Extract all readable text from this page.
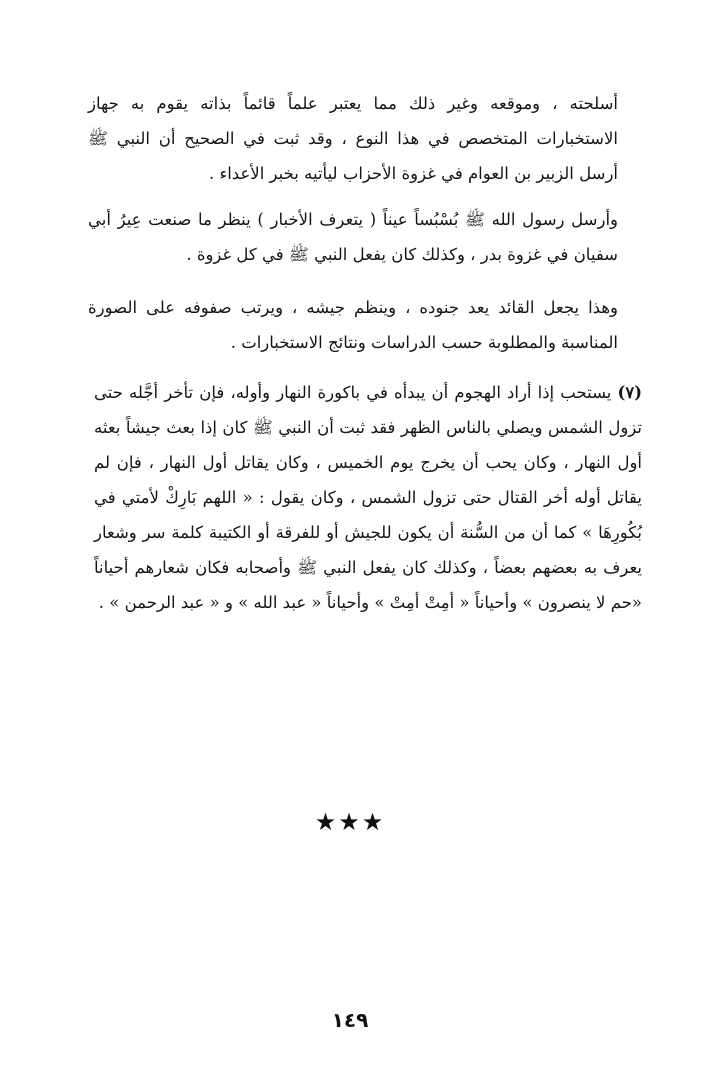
أسلحته ، وموقعه وغير ذلك مما يعتبر علماً قائماً بذاته يقوم به جهاز الاستخبارات المتخصص في هذا النوع ، وقد ثبت في الصحيح أن النبي ﷺ أرسل الزبير بن العوام في غزوة الأحزاب ليأتيه بخبر الأعداء .

وأرسل رسول الله ﷺ بُسْبُساً عيناً ( يتعرف الأخبار ) ينظر ما صنعت عِيرُ أبي سفيان في غزوة بدر ، وكذلك كان يفعل النبي ﷺ في كل غزوة .

وهذا يجعل القائد يعد جنوده ، وينظم جيشه ، ويرتب صفوفه على الصورة المناسبة والمطلوبة حسب الدراسات ونتائج الاستخبارات .

(٧) يستحب إذا أراد الهجوم أن يبدأه في باكورة النهار وأوله، فإن تأخر أجَّله حتى تزول الشمس ويصلي بالناس الظهر فقد ثبت أن النبي ﷺ كان إذا بعث جيشاً بعثه أول النهار ، وكان يحب أن يخرج يوم الخميس ، وكان يقاتل أول النهار ، فإن لم يقاتل أوله أخر القتال حتى تزول الشمس ، وكان يقول : « اللهم بَارِكْ لأمتي في بُكُورِهَا » كما أن من السُّنة أن يكون للجيش أو للفرقة أو الكتيبة كلمة سر وشعار يعرف به بعضهم بعضاً ، وكذلك كان يفعل النبي ﷺ وأصحابه فكان شعارهم أحياناً «حم لا ينصرون » وأحياناً « أمِتْ أمِتْ » وأحياناً « عبد الله » و « عبد الرحمن » .

★★★
١٤٩
